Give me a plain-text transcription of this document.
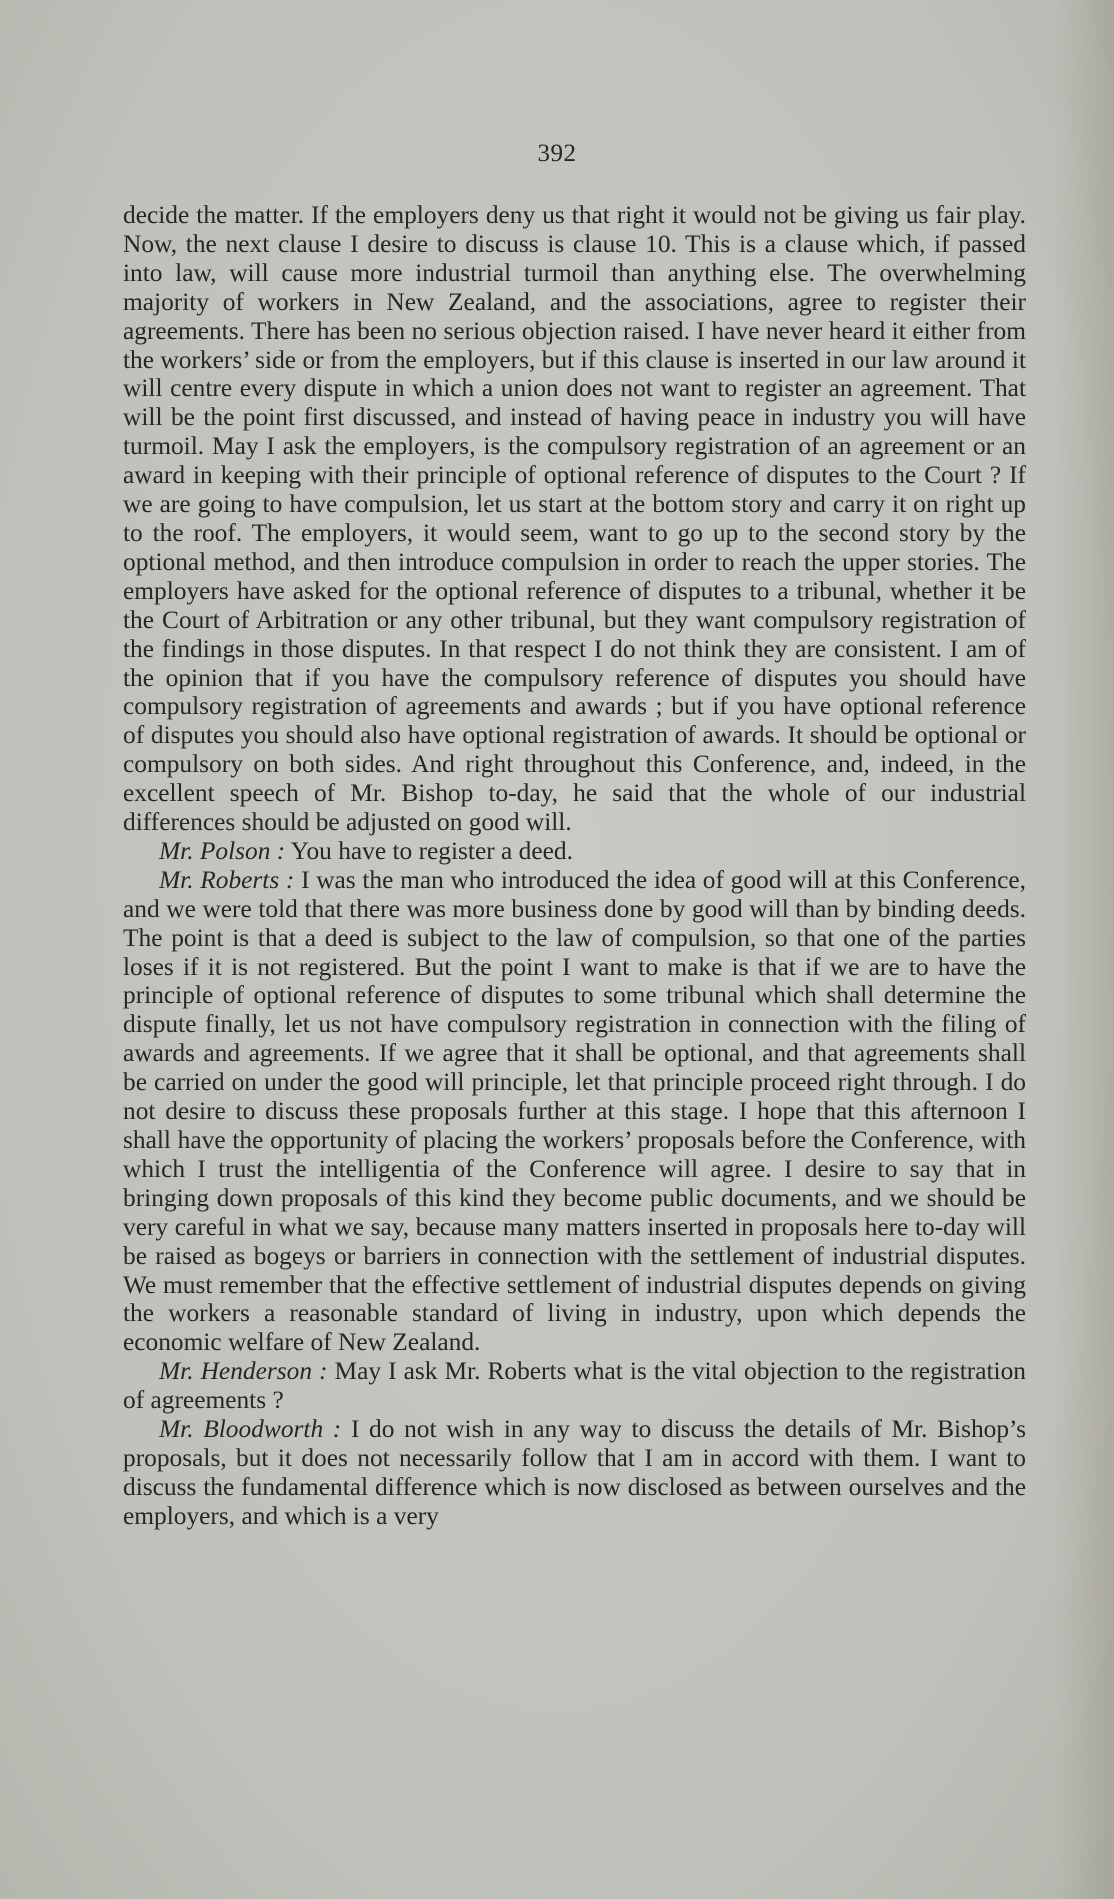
392

decide the matter. If the employers deny us that right it would not be giving us fair play. Now, the next clause I desire to discuss is clause 10. This is a clause which, if passed into law, will cause more industrial turmoil than anything else. The overwhelming majority of workers in New Zealand, and the associations, agree to register their agreements. There has been no serious objection raised. I have never heard it either from the workers’ side or from the employers, but if this clause is inserted in our law around it will centre every dispute in which a union does not want to register an agreement. That will be the point first discussed, and instead of having peace in industry you will have turmoil. May I ask the employers, is the compulsory registration of an agreement or an award in keeping with their principle of optional reference of disputes to the Court ? If we are going to have compulsion, let us start at the bottom story and carry it on right up to the roof. The employers, it would seem, want to go up to the second story by the optional method, and then introduce compulsion in order to reach the upper stories. The employers have asked for the optional reference of disputes to a tribunal, whether it be the Court of Arbitration or any other tribunal, but they want compulsory registration of the findings in those disputes. In that respect I do not think they are consistent. I am of the opinion that if you have the compulsory reference of disputes you should have compulsory registration of agreements and awards ; but if you have optional reference of disputes you should also have optional registration of awards. It should be optional or compulsory on both sides. And right throughout this Conference, and, indeed, in the excellent speech of Mr. Bishop to-day, he said that the whole of our industrial differences should be adjusted on good will.

Mr. Polson : You have to register a deed.

Mr. Roberts : I was the man who introduced the idea of good will at this Conference, and we were told that there was more business done by good will than by binding deeds. The point is that a deed is subject to the law of compulsion, so that one of the parties loses if it is not registered. But the point I want to make is that if we are to have the principle of optional reference of disputes to some tribunal which shall determine the dispute finally, let us not have compulsory registration in connection with the filing of awards and agreements. If we agree that it shall be optional, and that agreements shall be carried on under the good will principle, let that principle proceed right through. I do not desire to discuss these proposals further at this stage. I hope that this afternoon I shall have the opportunity of placing the workers’ proposals before the Conference, with which I trust the intelligentia of the Conference will agree. I desire to say that in bringing down proposals of this kind they become public documents, and we should be very careful in what we say, because many matters inserted in proposals here to-day will be raised as bogeys or barriers in connection with the settlement of industrial disputes. We must remember that the effective settlement of industrial disputes depends on giving the workers a reasonable standard of living in industry, upon which depends the economic welfare of New Zealand.

Mr. Henderson : May I ask Mr. Roberts what is the vital objection to the registration of agreements ?

Mr. Bloodworth : I do not wish in any way to discuss the details of Mr. Bishop’s proposals, but it does not necessarily follow that I am in accord with them. I want to discuss the fundamental difference which is now disclosed as between ourselves and the employers, and which is a very
